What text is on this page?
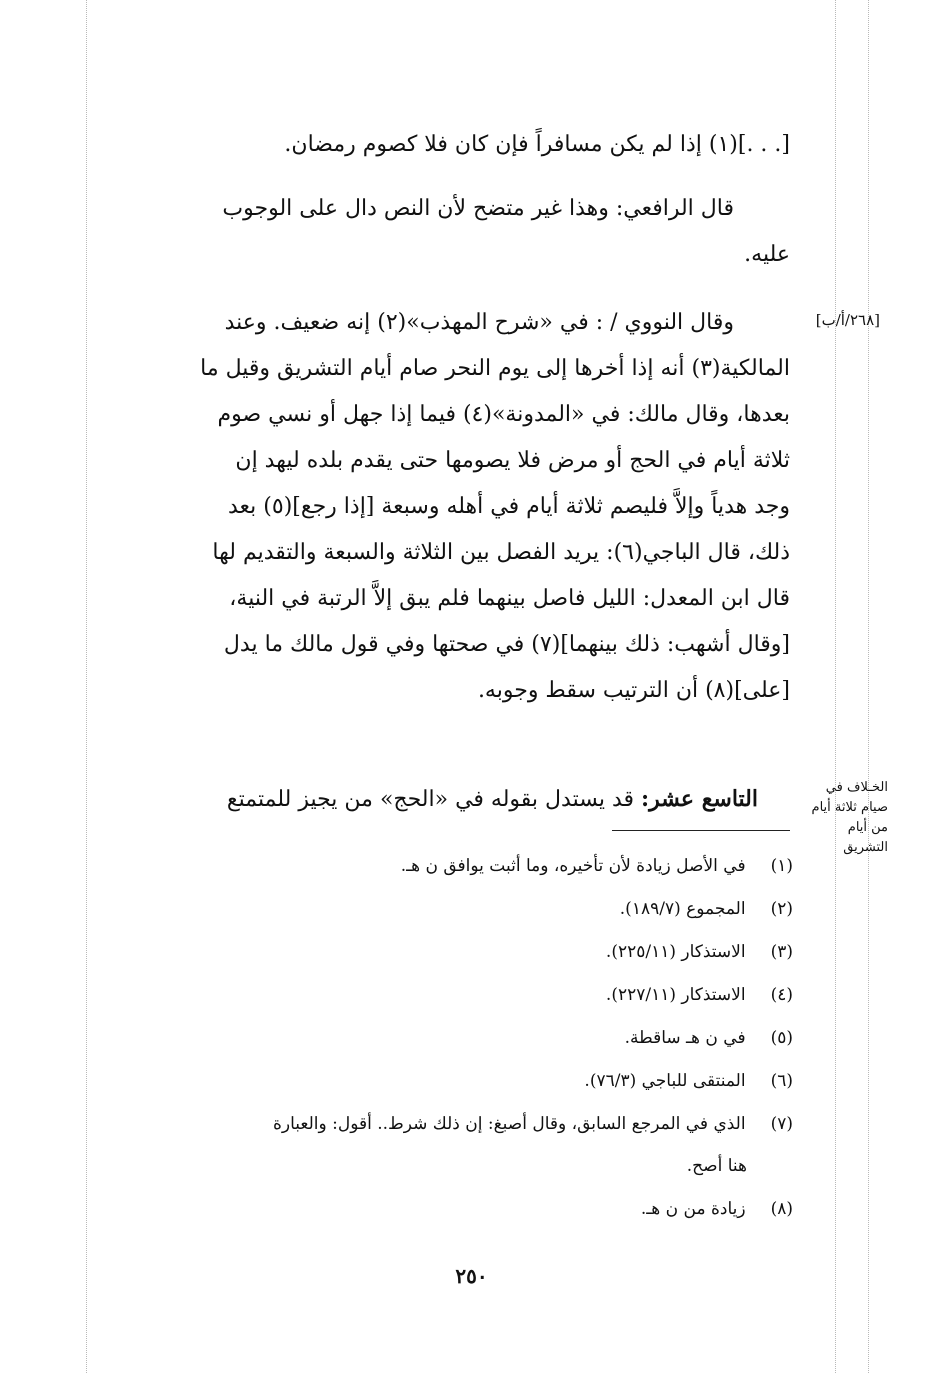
[. . .](١) إذا لم يكن مسافراً فإن كان فلا كصوم رمضان.

قال الرافعي: وهذا غير متضح لأن النص دال على الوجوب

عليه.

وقال النووي / : في «شرح المهذب»(٢) إنه ضعيف. وعند

المالكية(٣) أنه إذا أخرها إلى يوم النحر صام أيام التشريق وقيل ما

بعدها، وقال مالك: في «المدونة»(٤) فيما إذا جهل أو نسي صوم

ثلاثة أيام في الحج أو مرض فلا يصومها حتى يقدم بلده ليهد إن

وجد هدياً وإلاَّ فليصم ثلاثة أيام في أهله وسبعة [إذا رجع](٥) بعد

ذلك، قال الباجي(٦): يريد الفصل بين الثلاثة والسبعة والتقديم لها

قال ابن المعدل: الليل فاصل بينهما فلم يبق إلاَّ الرتبة في النية،

[وقال أشهب: ذلك بينهما](٧) في صحتها وفي قول مالك ما يدل

[على](٨) أن الترتيب سقط وجوبه.

التاسع عشر: قد يستدل بقوله في «الحج» من يجيز للمتمتع

[٢٦٨/أ/ب]
الخـلاف في
صيام ثلاثة أيام
من أيام التشريق
(١) في الأصل زيادة لأن تأخيره، وما أثبت يوافق ن هـ.
(٢) المجموع (١٨٩/٧).
(٣) الاستذكار (٢٢٥/١١).
(٤) الاستذكار (٢٢٧/١١).
(٥) في ن هـ ساقطة.
(٦) المنتقى للباجي (٧٦/٣).
(٧) الذي في المرجع السابق، وقال أصبغ: إن ذلك شرط.. أقول: والعبارة
هنا أصح.
(٨) زيادة من ن هـ.
٢٥٠
